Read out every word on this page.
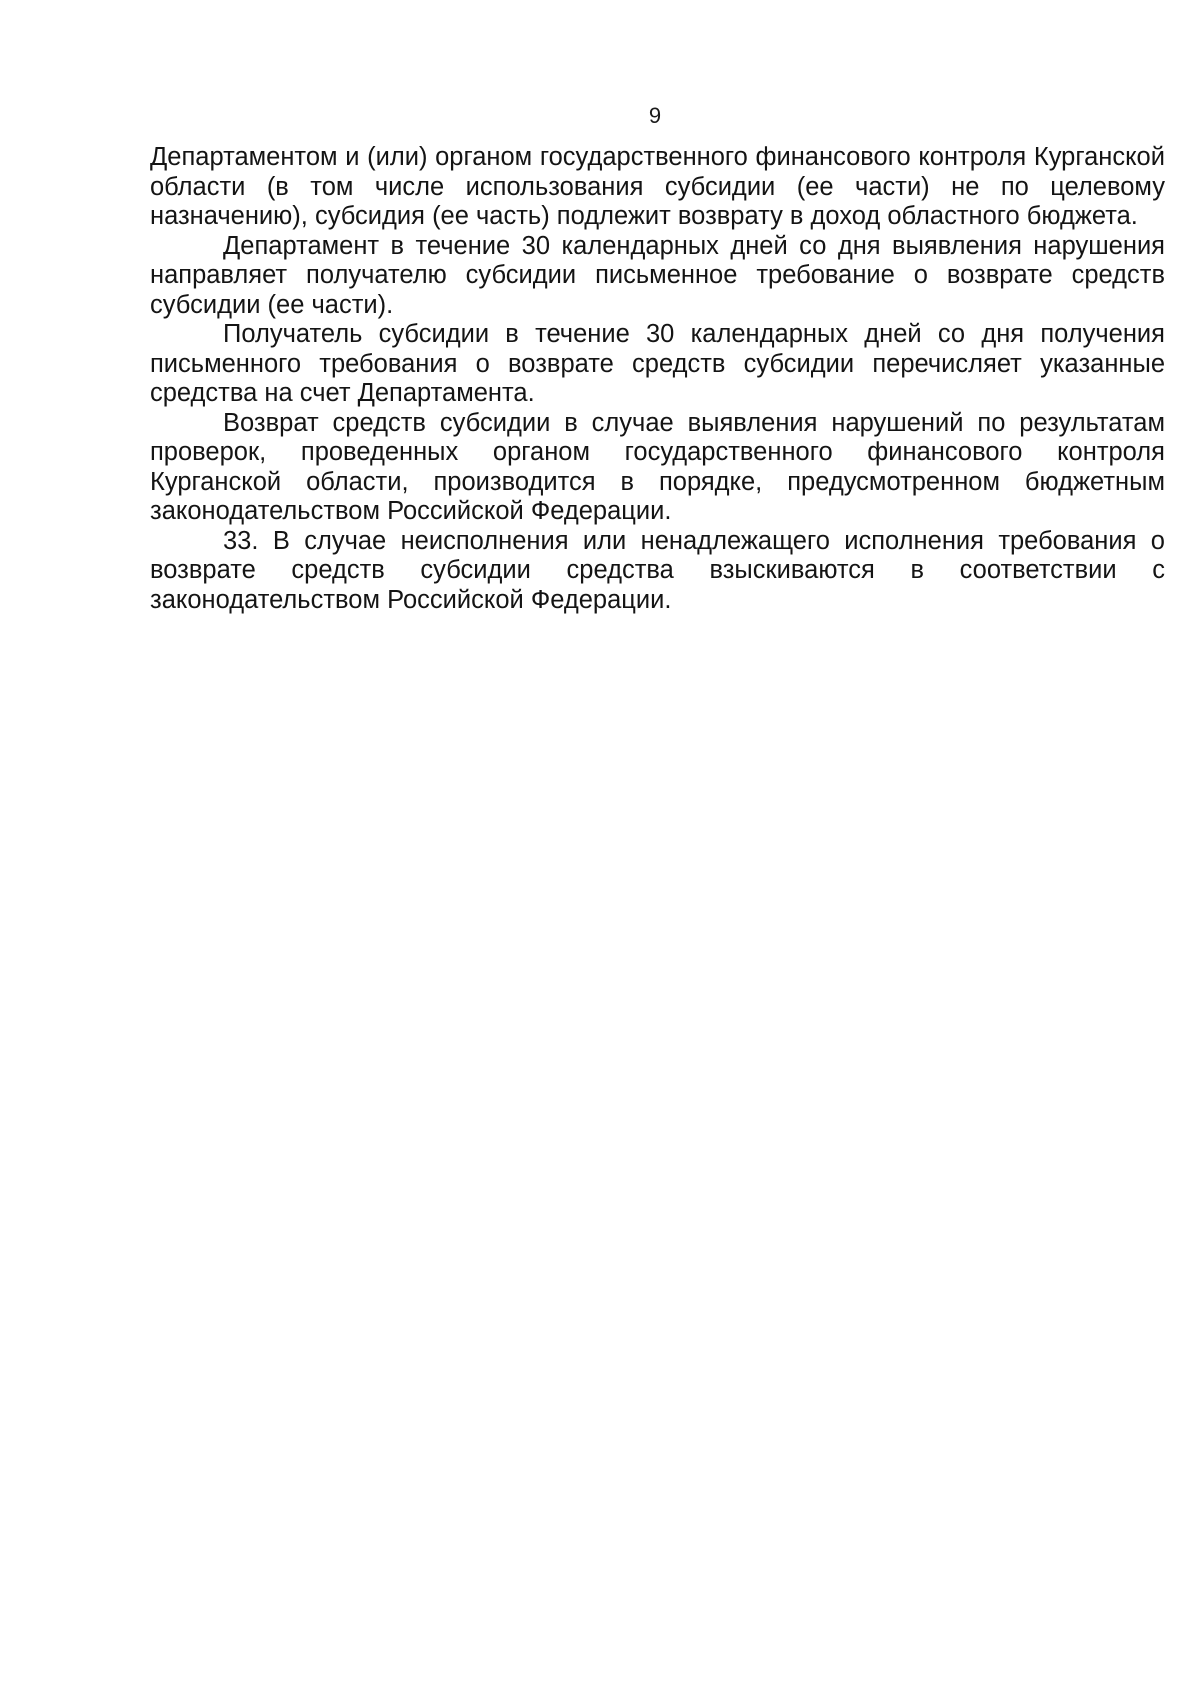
9

Департаментом и (или) органом государственного финансового контроля Курганской области (в том числе использования субсидии (ее части) не по целевому назначению), субсидия (ее часть) подлежит возврату в доход областного бюджета.

Департамент в течение 30 календарных дней со дня выявления нарушения направляет получателю субсидии письменное требование о возврате средств субсидии (ее части).

Получатель субсидии в течение 30 календарных дней со дня получения письменного требования о возврате средств субсидии перечисляет указанные средства на счет Департамента.

Возврат средств субсидии в случае выявления нарушений по результатам проверок, проведенных органом государственного финансового контроля Курганской области, производится в порядке, предусмотренном бюджетным законодательством Российской Федерации.

33. В случае неисполнения или ненадлежащего исполнения требования о возврате средств субсидии средства взыскиваются в соответствии с законодательством Российской Федерации.
